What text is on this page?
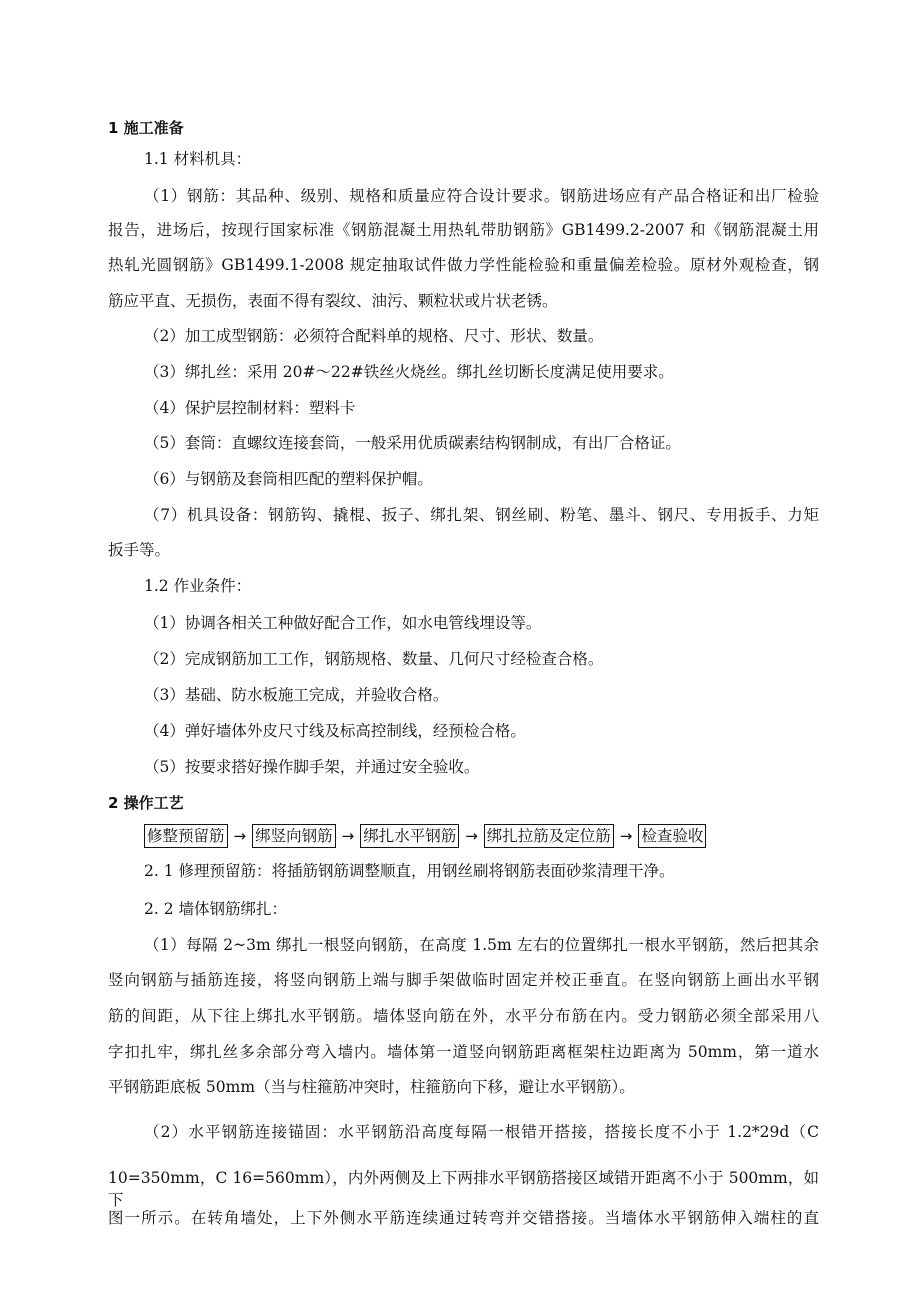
1 施工准备
1.1 材料机具：
（1）钢筋：其品种、级别、规格和质量应符合设计要求。钢筋进场应有产品合格证和出厂检验
报告，进场后，按现行国家标准《钢筋混凝土用热轧带肋钢筋》GB1499.2-2007 和《钢筋混凝土用
热轧光圆钢筋》GB1499.1-2008 规定抽取试件做力学性能检验和重量偏差检验。原材外观检查，钢
筋应平直、无损伤，表面不得有裂纹、油污、颗粒状或片状老锈。
（2）加工成型钢筋：必须符合配料单的规格、尺寸、形状、数量。
（3）绑扎丝：采用 20#～22#铁丝火烧丝。绑扎丝切断长度满足使用要求。
（4）保护层控制材料：塑料卡
（5）套筒：直螺纹连接套筒，一般采用优质碳素结构钢制成，有出厂合格证。
（6）与钢筋及套筒相匹配的塑料保护帽。
（7）机具设备：钢筋钩、撬棍、扳子、绑扎架、钢丝刷、粉笔、墨斗、钢尺、专用扳手、力矩
扳手等。
1.2 作业条件：
（1）协调各相关工种做好配合工作，如水电管线埋设等。
（2）完成钢筋加工工作，钢筋规格、数量、几何尺寸经检查合格。
（3）基础、防水板施工完成，并验收合格。
（4）弹好墙体外皮尺寸线及标高控制线，经预检合格。
（5）按要求搭好操作脚手架，并通过安全验收。
2 操作工艺
修整预留筋 → 绑竖向钢筋 → 绑扎水平钢筋 → 绑扎拉筋及定位筋 → 检查验收
2. 1 修理预留筋：将插筋钢筋调整顺直，用钢丝刷将钢筋表面砂浆清理干净。
2. 2 墙体钢筋绑扎：
（1）每隔 2~3m 绑扎一根竖向钢筋，在高度 1.5m 左右的位置绑扎一根水平钢筋，然后把其余
竖向钢筋与插筋连接，将竖向钢筋上端与脚手架做临时固定并校正垂直。在竖向钢筋上画出水平钢
筋的间距，从下往上绑扎水平钢筋。墙体竖向筋在外，水平分布筋在内。受力钢筋必须全部采用八
字扣扎牢，绑扎丝多余部分弯入墙内。墙体第一道竖向钢筋距离框架柱边距离为 50mm，第一道水
平钢筋距底板 50mm（当与柱箍筋冲突时，柱箍筋向下移，避让水平钢筋）。
（2）水平钢筋连接锚固：水平钢筋沿高度每隔一根错开搭接，搭接长度不小于 1.2*29d（C
10=350mm，C 16=560mm），内外两侧及上下两排水平钢筋搭接区域错开距离不小于 500mm，如下
图一所示。在转角墙处，上下外侧水平筋连续通过转弯并交错搭接。当墙体水平钢筋伸入端柱的直
